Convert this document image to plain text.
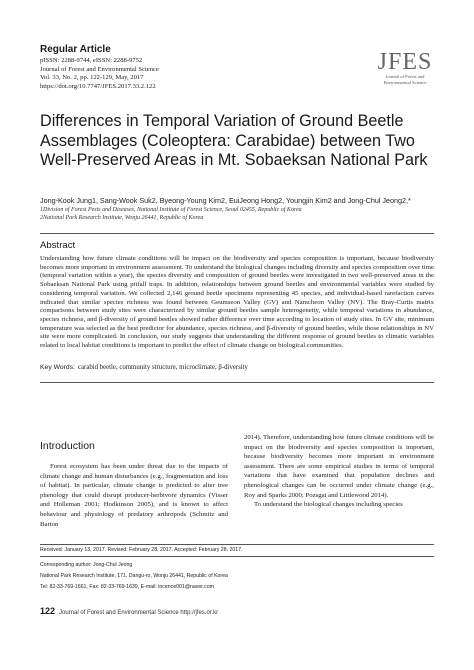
Regular Article
pISSN: 2288-9744, eISSN: 2288-9752
Journal of Forest and Environmental Science
Vol. 33, No. 2, pp. 122-129, May, 2017
https://doi.org/10.7747/JFES.2017.33.2.122
JFES
Journal of Forest and
Environmental Science
Differences in Temporal Variation of Ground Beetle Assemblages (Coleoptera: Carabidae) between Two Well-Preserved Areas in Mt. Sobaeksan National Park
Jong-Kook Jung1, Sang-Wook Suk2, Byeong-Young Kim2, EuiJeong Hong2, Youngjin Kim2 and Jong-Chul Jeong2,*
1Division of Forest Pests and Diseases, National Institute of Forest Science, Seoul 02455, Republic of Korea
2National Park Research Institute, Wonju 26441, Republic of Korea
Abstract

Understanding how future climate conditions will be impact on the biodiversity and species composition is important, because biodiversity becomes more important in environment assessment. To understand the biological changes including diversity and species composition over time (temporal variation within a year), the species diversity and composition of ground beetles were investigated in two well-preserved areas in the Sobaeksan National Park using pitfall traps. In addition, relationships between ground beetles and environmental variables were studied by considering temporal variation. We collected 2,146 ground beetle specimens representing 45 species, and individual-based rarefaction curves indicated that similar species richness was found between Geumseon Valley (GV) and Namcheon Valley (NV). The Bray-Curtis matrix comparisons between study sites were characterized by similar ground beetles sample heterogeneity, while temporal variations in abundance, species richness, and β-diversity of ground beetles showed rather difference over time according to location of study sites. In GV site, minimum temperature was selected as the best predictor for abundance, species richness, and β-diversity of ground beetles, while those relationships in NV site were more complicated. In conclusion, our study suggests that understanding the different response of ground beetles to climatic variables related to local habitat conditions is important to predict the effect of climate change on biological communities.

Key Words: carabid beetle, community structure, microclimate, β-diversity
Introduction
Forest ecosystem has been under threat due to the impacts of climate change and human disturbances (e.g., fragmentation and loss of habitat). In particular, climate change is predicted to alter tree phenology that could disrupt producer-herbivore dynamics (Visser and Holleman 2001; Hodkinson 2005), and is known to affect behaviour and physiology of predatory arthropods (Schmitz and Barton
2014). Therefore, understanding how future climate conditions will be impact on the biodiversity and species composition is important, because biodiversity becomes more important in environment assessment. There are some empirical studies in terms of temporal variations that have examined that population declines and phenological changes can be occurred under climate change (e.g., Roy and Sparks 2000; Pozsgai and Littlewood 2014).
To understand the biological changes including species
Received: January 13, 2017. Revised: February 28, 2017. Accepted: February 28, 2017.
Corresponding author: Jong-Chul Jeong
National Park Research Institute, 171, Dangu-ro, Wonju 26441, Republic of Korea
Tel: 82-33-769-1661, Fax: 82-33-769-1639, E-mail: incence001@naver.com
122 Journal of Forest and Environmental Science http://jfes.or.kr
